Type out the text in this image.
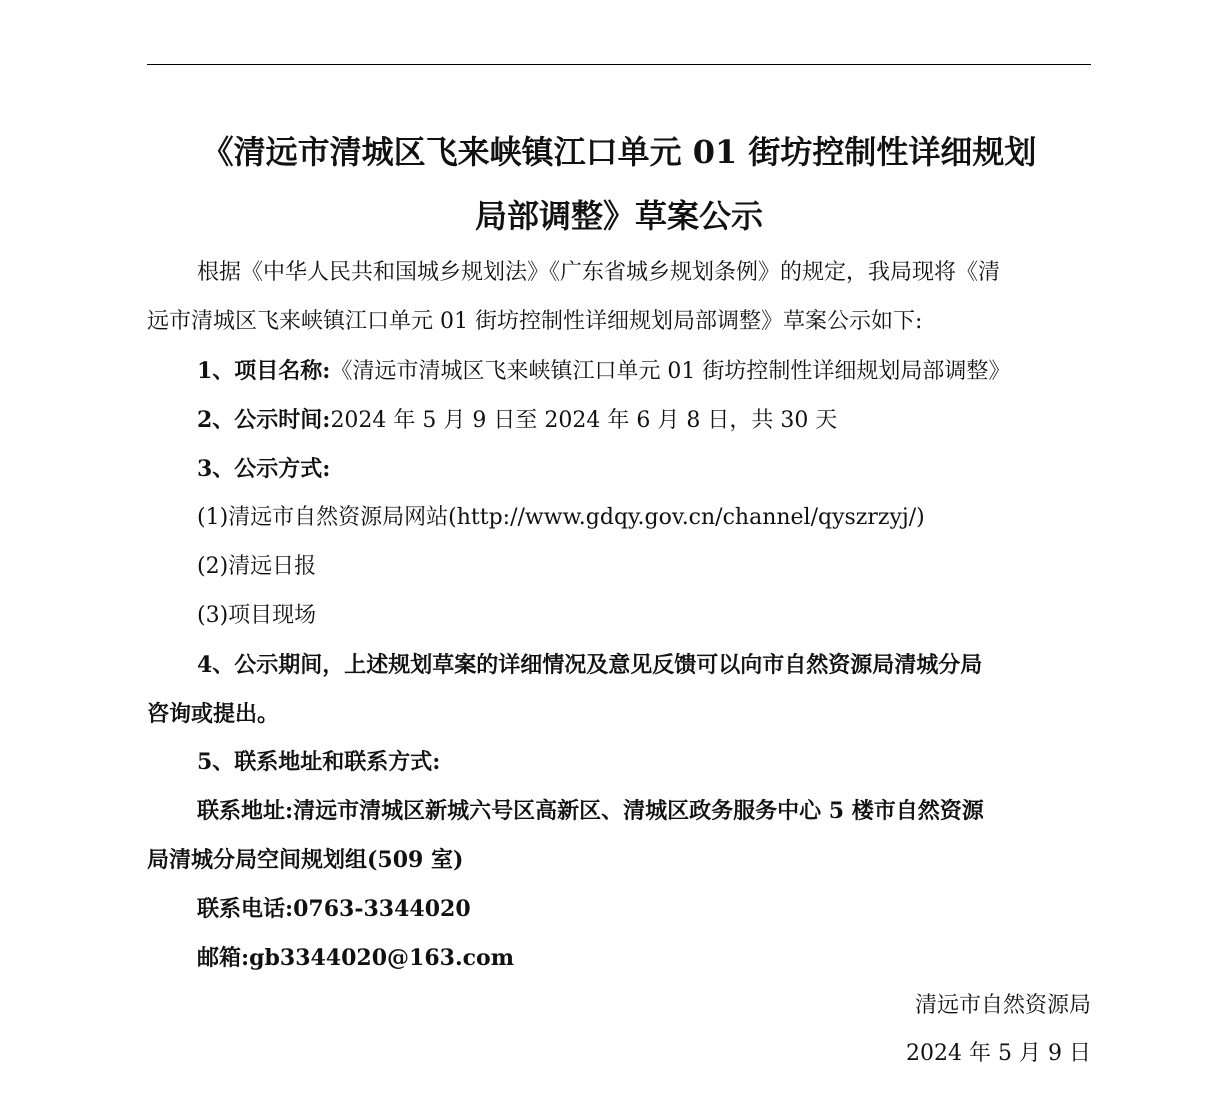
《清远市清城区飞来峡镇江口单元 01 街坊控制性详细规划
局部调整》草案公示
根据《中华人民共和国城乡规划法》《广东省城乡规划条例》的规定，我局现将《清
远市清城区飞来峡镇江口单元 01 街坊控制性详细规划局部调整》草案公示如下:
1、项目名称:《清远市清城区飞来峡镇江口单元 01 街坊控制性详细规划局部调整》
2、公示时间:2024 年 5 月 9 日至 2024 年 6 月 8 日，共 30 天
3、公示方式:
(1)清远市自然资源局网站(http://www.gdqy.gov.cn/channel/qyszrzyj/)
(2)清远日报
(3)项目现场
4、公示期间，上述规划草案的详细情况及意见反馈可以向市自然资源局清城分局
咨询或提出。
5、联系地址和联系方式:
联系地址:清远市清城区新城六号区高新区、清城区政务服务中心 5 楼市自然资源
局清城分局空间规划组(509 室)
联系电话:0763-3344020
邮箱:gb3344020@163.com
清远市自然资源局
2024 年 5 月 9 日
